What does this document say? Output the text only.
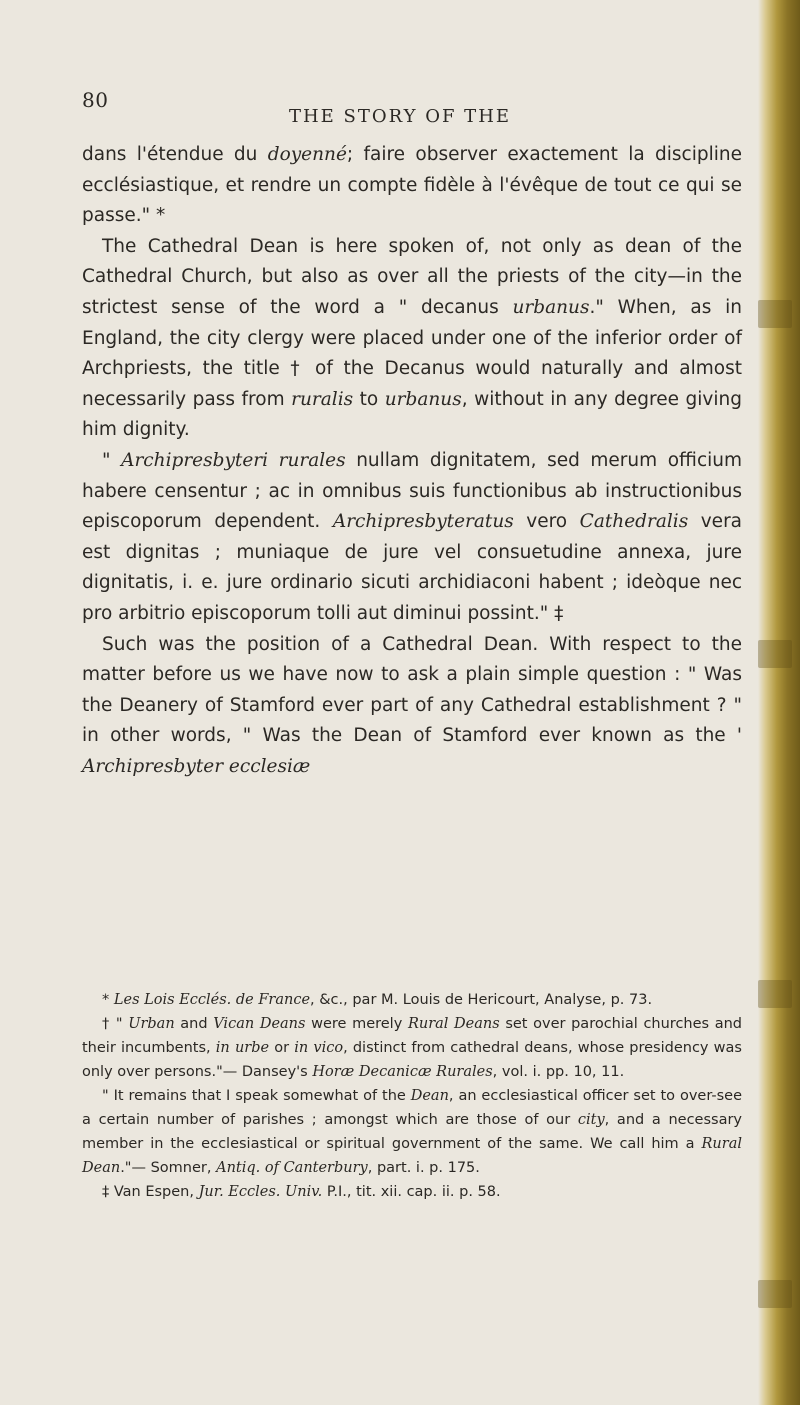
80
THE STORY OF THE

dans l'étendue du doyenné; faire observer exactement la discipline ecclésiastique, et rendre un compte fidèle à l'évêque de tout ce qui se passe." *

The Cathedral Dean is here spoken of, not only as dean of the Cathedral Church, but also as over all the priests of the city—in the strictest sense of the word a " decanus urbanus." When, as in England, the city clergy were placed under one of the inferior order of Archpriests, the title † of the Decanus would naturally and almost necessarily pass from ruralis to urbanus, without in any degree giving him dignity.

" Archipresbyteri rurales nullam dignitatem, sed merum officium habere censentur ; ac in omnibus suis functionibus ab instructionibus episcoporum dependent. Archipresbyteratus vero Cathedralis vera est dignitas ; muniaque de jure vel consuetudine annexa, jure dignitatis, i. e. jure ordinario sicuti archidiaconi habent ; ideòque nec pro arbitrio episcoporum tolli aut diminui possint." ‡

Such was the position of a Cathedral Dean. With respect to the matter before us we have now to ask a plain simple question : " Was the Deanery of Stamford ever part of any Cathedral establishment ? " in other words, " Was the Dean of Stamford ever known as the ' Archipresbyter ecclesiæ

* Les Lois Ecclés. de France, &c., par M. Louis de Hericourt, Analyse, p. 73.

† " Urban and Vican Deans were merely Rural Deans set over parochial churches and their incumbents, in urbe or in vico, distinct from cathedral deans, whose presidency was only over persons."— Dansey's Horæ Decanicæ Rurales, vol. i. pp. 10, 11.

" It remains that I speak somewhat of the Dean, an ecclesiastical officer set to over-see a certain number of parishes ; amongst which are those of our city, and a necessary member in the ecclesiastical or spiritual government of the same. We call him a Rural Dean."— Somner, Antiq. of Canterbury, part. i. p. 175.

‡ Van Espen, Jur. Eccles. Univ. P.I., tit. xii. cap. ii. p. 58.
